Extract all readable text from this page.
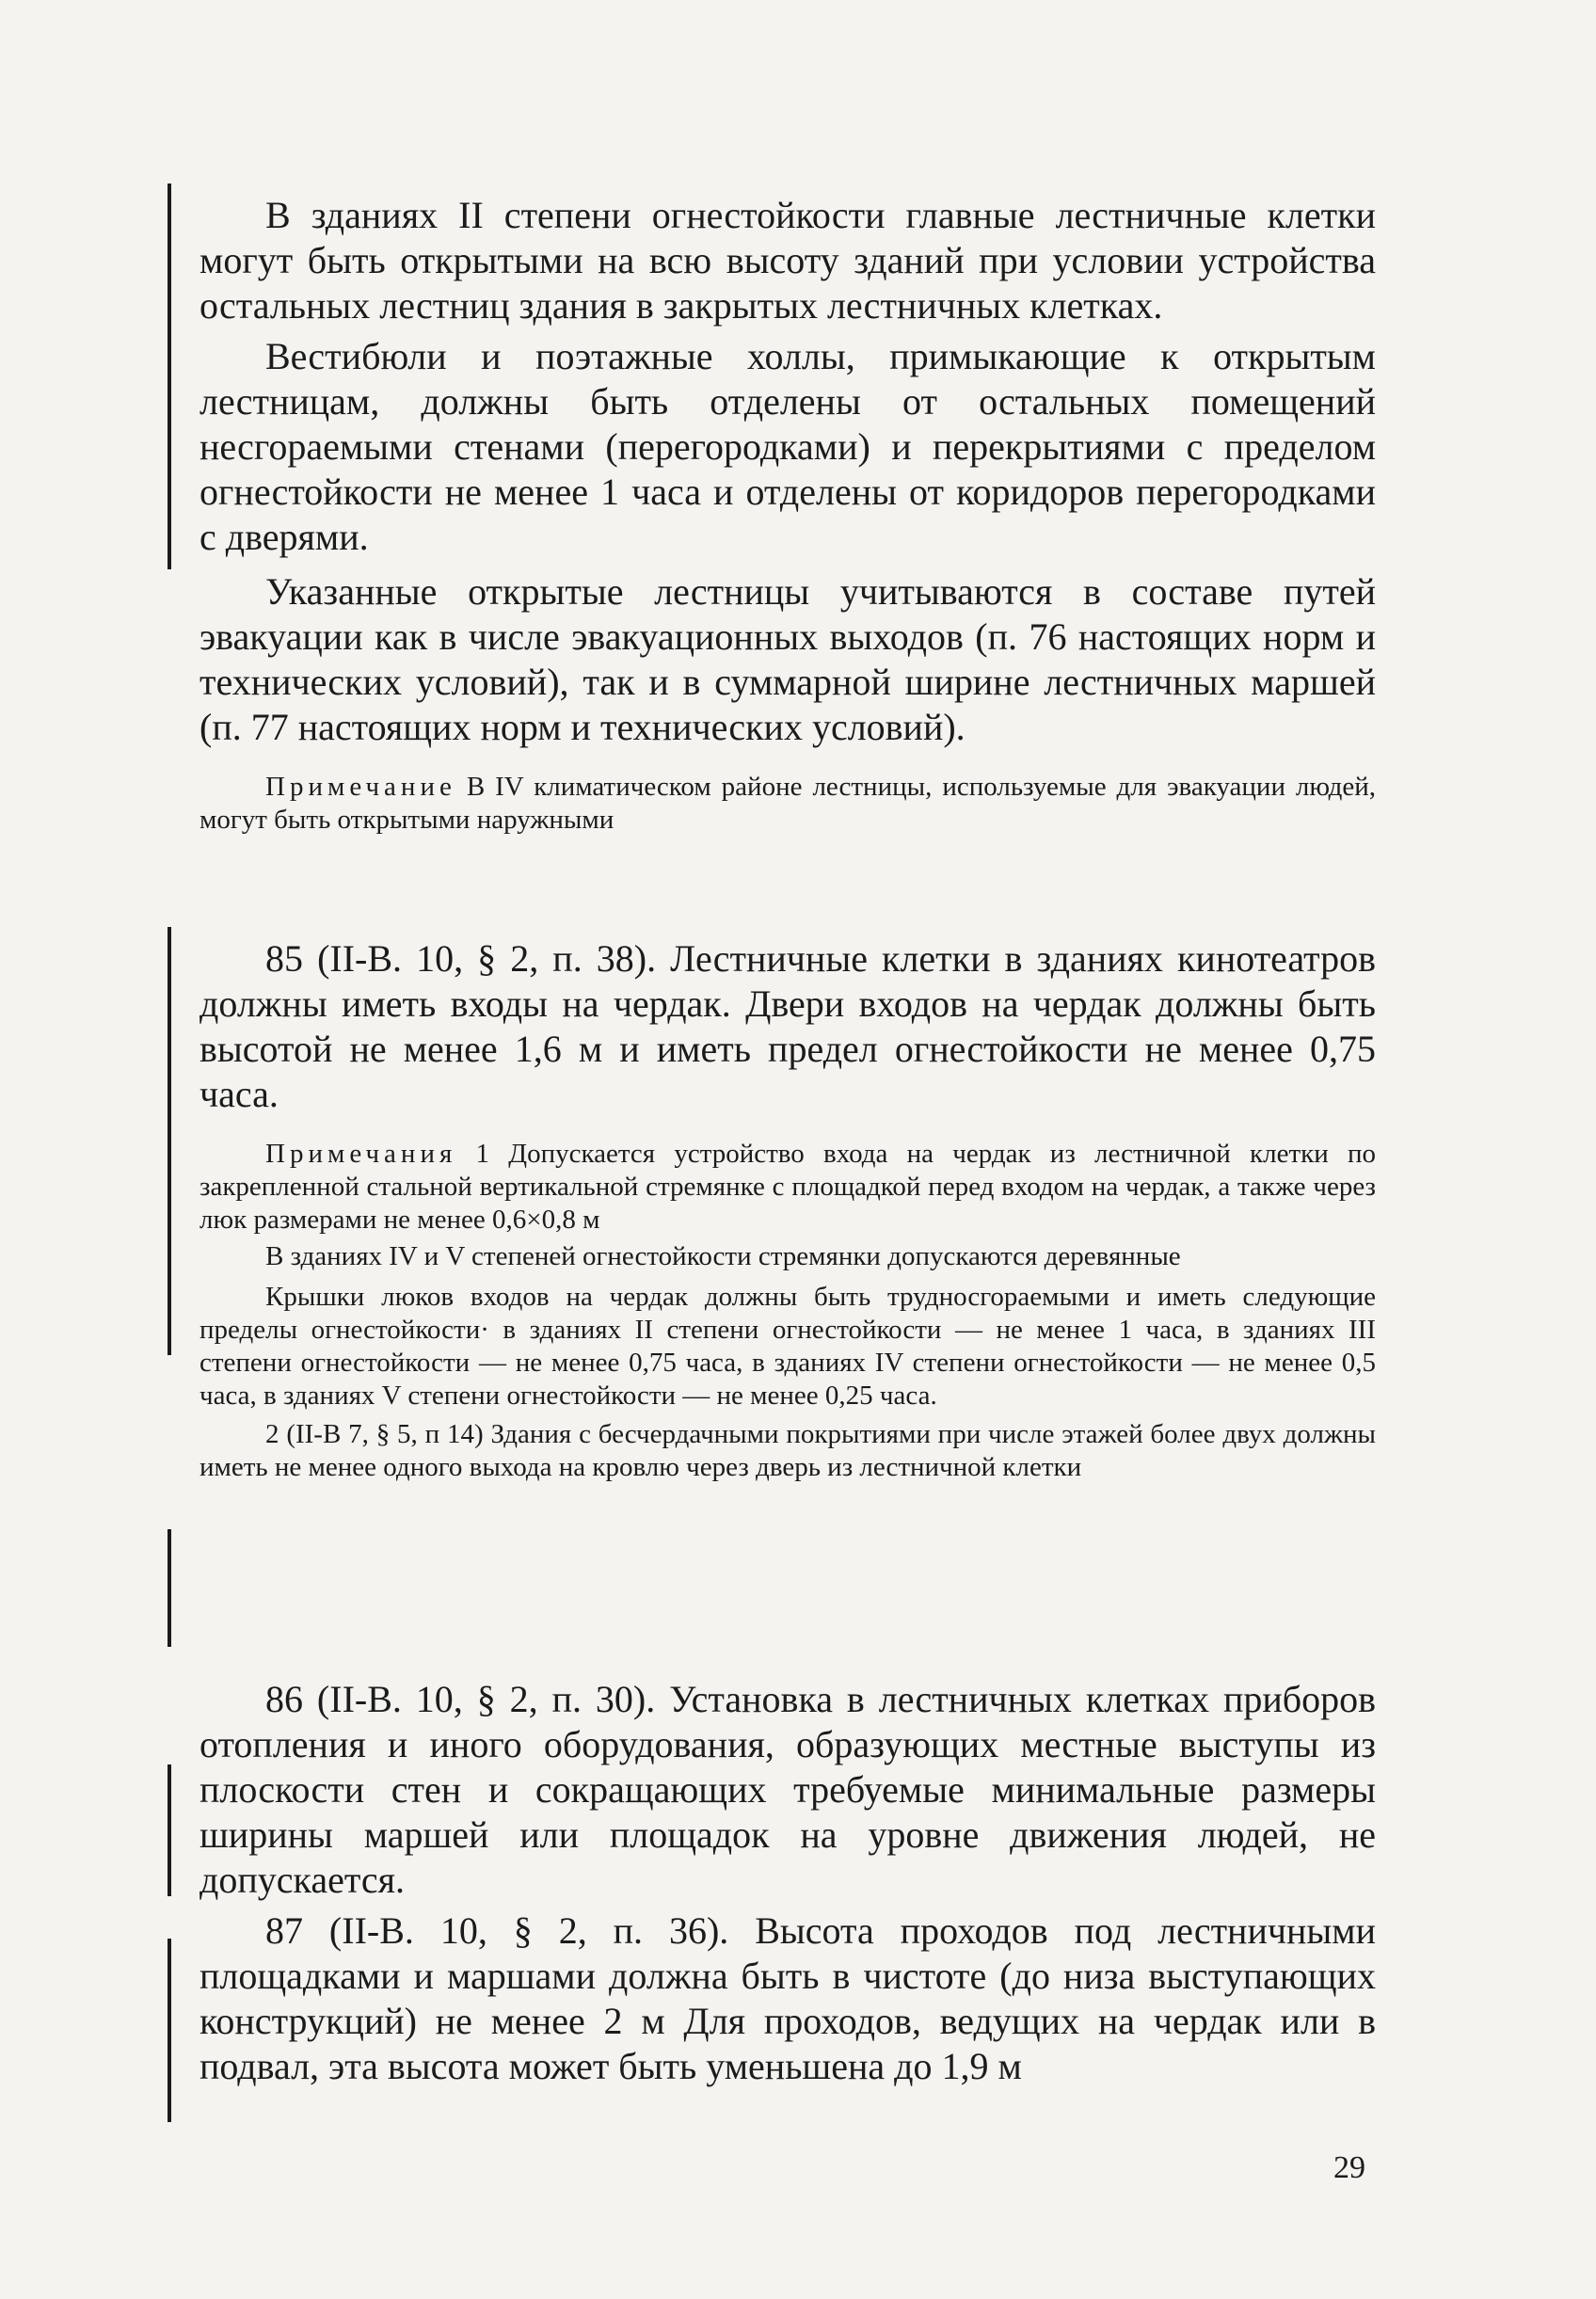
В зданиях II степени огнестойкости главные лестничные клетки могут быть открытыми на всю высоту зданий при условии устройства остальных лестниц здания в закрытых лестничных клетках.

Вестибюли и поэтажные холлы, примыкающие к открытым лестницам, должны быть отделены от остальных помещений несгораемыми стенами (перегородками) и перекрытиями с пределом огнестойкости не менее 1 часа и отделены от коридоров перегородками с дверями.

Указанные открытые лестницы учитываются в составе путей эвакуации как в числе эвакуационных выходов (п. 76 настоящих норм и технических условий), так и в суммарной ширине лестничных маршей (п. 77 настоящих норм и технических условий).

Примечание В IV климатическом районе лестницы, используемые для эвакуации людей, могут быть открытыми наружными

85 (II-В. 10, § 2, п. 38). Лестничные клетки в зданиях кинотеатров должны иметь входы на чердак. Двери входов на чердак должны быть высотой не менее 1,6 м и иметь предел огнестойкости не менее 0,75 часа.

Примечания 1 Допускается устройство входа на чердак из лестничной клетки по закрепленной стальной вертикальной стремянке с площадкой перед входом на чердак, а также через люк размерами не менее 0,6×0,8 м

В зданиях IV и V степеней огнестойкости стремянки допускаются деревянные

Крышки люков входов на чердак должны быть трудносгораемыми и иметь следующие пределы огнестойкости· в зданиях II степени огнестойкости — не менее 1 часа, в зданиях III степени огнестойкости — не менее 0,75 часа, в зданиях IV степени огнестойкости — не менее 0,5 часа, в зданиях V степени огнестойкости — не менее 0,25 часа.

2 (II-В 7, § 5, п 14) Здания с бесчердачными покрытиями при числе этажей более двух должны иметь не менее одного выхода на кровлю через дверь из лестничной клетки

86 (II-В. 10, § 2, п. 30). Установка в лестничных клетках приборов отопления и иного оборудования, образующих местные выступы из плоскости стен и сокращающих требуемые минимальные размеры ширины маршей или площадок на уровне движения людей, не допускается.

87 (II-В. 10, § 2, п. 36). Высота проходов под лестничными площадками и маршами должна быть в чистоте (до низа выступающих конструкций) не менее 2 м Для проходов, ведущих на чердак или в подвал, эта высота может быть уменьшена до 1,9 м

29
